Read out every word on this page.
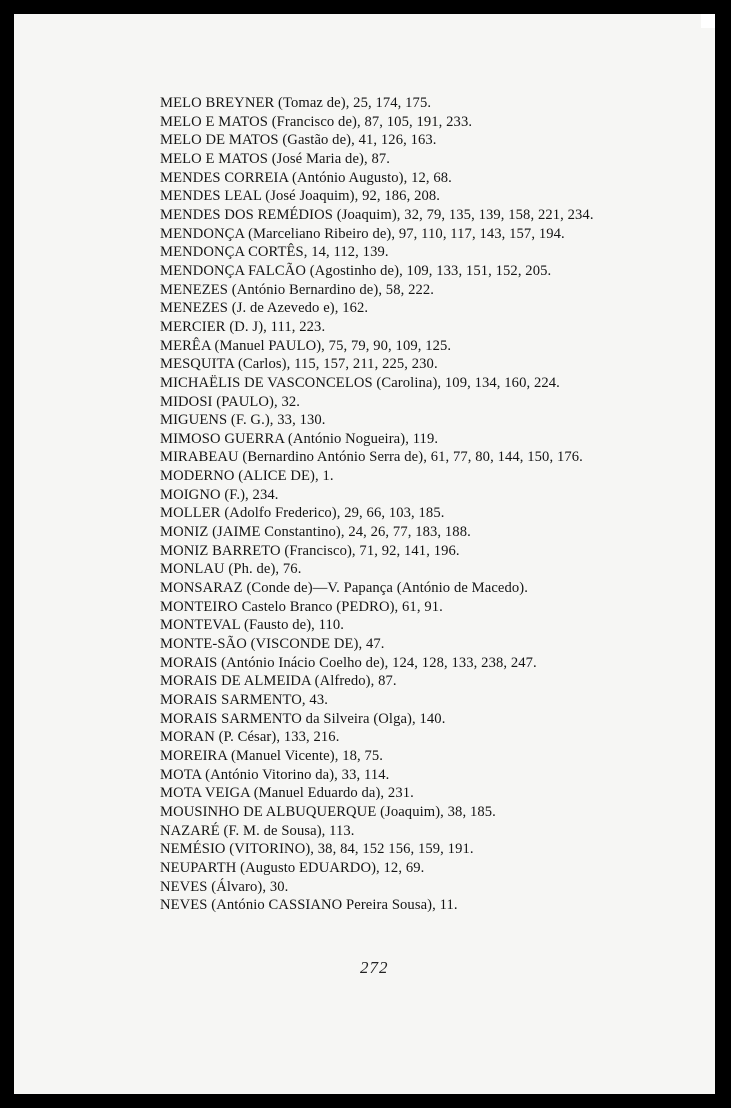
MELO BREYNER (Tomaz de), 25, 174, 175.
MELO E MATOS (Francisco de), 87, 105, 191, 233.
MELO DE MATOS (Gastão de), 41, 126, 163.
MELO E MATOS (José Maria de), 87.
MENDES CORREIA (António Augusto), 12, 68.
MENDES LEAL (José Joaquim), 92, 186, 208.
MENDES DOS REMÉDIOS (Joaquim), 32, 79, 135, 139, 158, 221, 234.
MENDONÇA (Marceliano Ribeiro de), 97, 110, 117, 143, 157, 194.
MENDONÇA CORTÊS, 14, 112, 139.
MENDONÇA FALCÃO (Agostinho de), 109, 133, 151, 152, 205.
MENEZES (António Bernardino de), 58, 222.
MENEZES (J. de Azevedo e), 162.
MERCIER (D. J), 111, 223.
MERÊA (Manuel PAULO), 75, 79, 90, 109, 125.
MESQUITA (Carlos), 115, 157, 211, 225, 230.
MICHAËLIS DE VASCONCELOS (Carolina), 109, 134, 160, 224.
MIDOSI (PAULO), 32.
MIGUENS (F. G.), 33, 130.
MIMOSO GUERRA (António Nogueira), 119.
MIRABEAU (Bernardino António Serra de), 61, 77, 80, 144, 150, 176.
MODERNO (ALICE DE), 1.
MOIGNO (F.), 234.
MOLLER (Adolfo Frederico), 29, 66, 103, 185.
MONIZ (JAIME Constantino), 24, 26, 77, 183, 188.
MONIZ BARRETO (Francisco), 71, 92, 141, 196.
MONLAU (Ph. de), 76.
MONSARAZ (Conde de)—V. Papança (António de Macedo).
MONTEIRO Castelo Branco (PEDRO), 61, 91.
MONTEVAL (Fausto de), 110.
MONTE-SÃO (VISCONDE DE), 47.
MORAIS (António Inácio Coelho de), 124, 128, 133, 238, 247.
MORAIS DE ALMEIDA (Alfredo), 87.
MORAIS SARMENTO, 43.
MORAIS SARMENTO da Silveira (Olga), 140.
MORAN (P. César), 133, 216.
MOREIRA (Manuel Vicente), 18, 75.
MOTA (António Vitorino da), 33, 114.
MOTA VEIGA (Manuel Eduardo da), 231.
MOUSINHO DE ALBUQUERQUE (Joaquim), 38, 185.
NAZARÉ (F. M. de Sousa), 113.
NEMÉSIO (VITORINO), 38, 84, 152 156, 159, 191.
NEUPARTH (Augusto EDUARDO), 12, 69.
NEVES (Álvaro), 30.
NEVES (António CASSIANO Pereira Sousa), 11.
272
